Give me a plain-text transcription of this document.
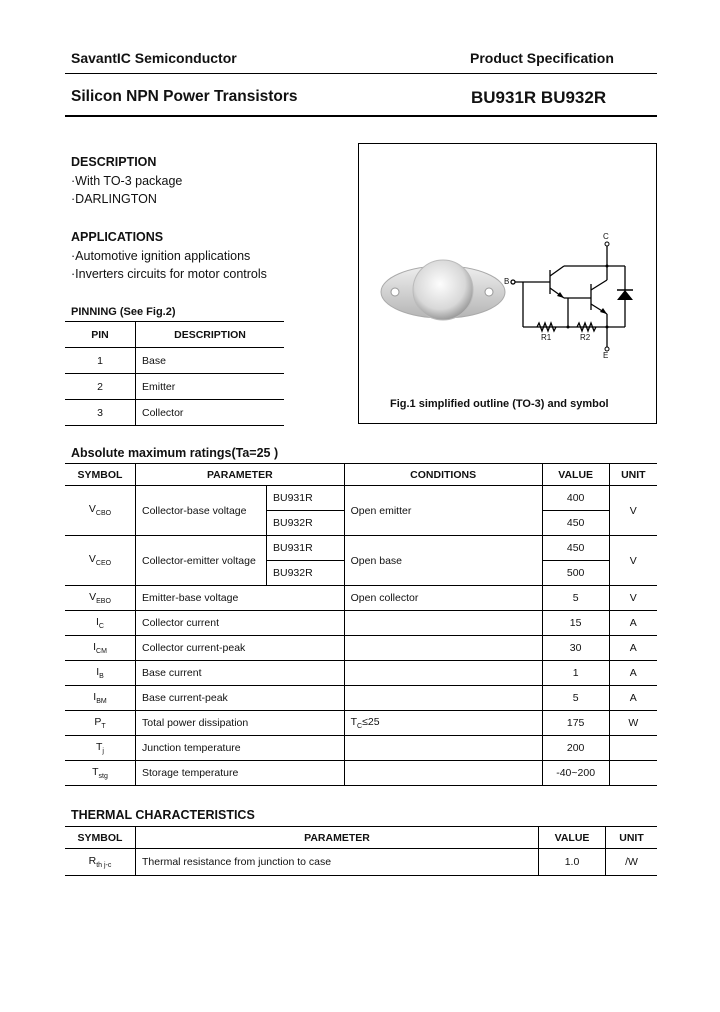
SavantIC Semiconductor	Product Specification
Silicon NPN Power Transistors	BU931R BU932R
DESCRIPTION
·With TO-3 package
·DARLINGTON
APPLICATIONS
·Automotive ignition applications
·Inverters circuits for motor controls
PINNING (See Fig.2)
PIN	DESCRIPTION
1	Base
2	Emitter
3	Collector
C
B
E
R1	R2
Fig.1 simplified outline (TO-3) and symbol
Absolute maximum ratings(Ta=25 )
SYMBOL	PARAMETER		CONDITIONS	VALUE	UNIT
$V_{CBO}$	Collector-base voltage	BU931R	Open emitter	400	V
		BU932R		450	
$V_{CEO}$	Collector-emitter voltage	BU931R	Open base	450	V
		BU932R		500	
$V_{EBO}$	Emitter-base voltage		Open collector	5	V
$I_C$	Collector current			15	A
$I_{CM}$	Collector current-peak			30	A
$I_B$	Base current			1	A
$I_{BM}$	Base current-peak			5	A
$P_T$	Total power dissipation		$T_C\le 25$	175	W
$T_j$	Junction temperature			200	
$T_{stg}$	Storage temperature			-40~200	
THERMAL CHARACTERISTICS
SYMBOL	PARAMETER	VALUE	UNIT
$R_{th j-c}$	Thermal resistance from junction to case	1.0	/W
